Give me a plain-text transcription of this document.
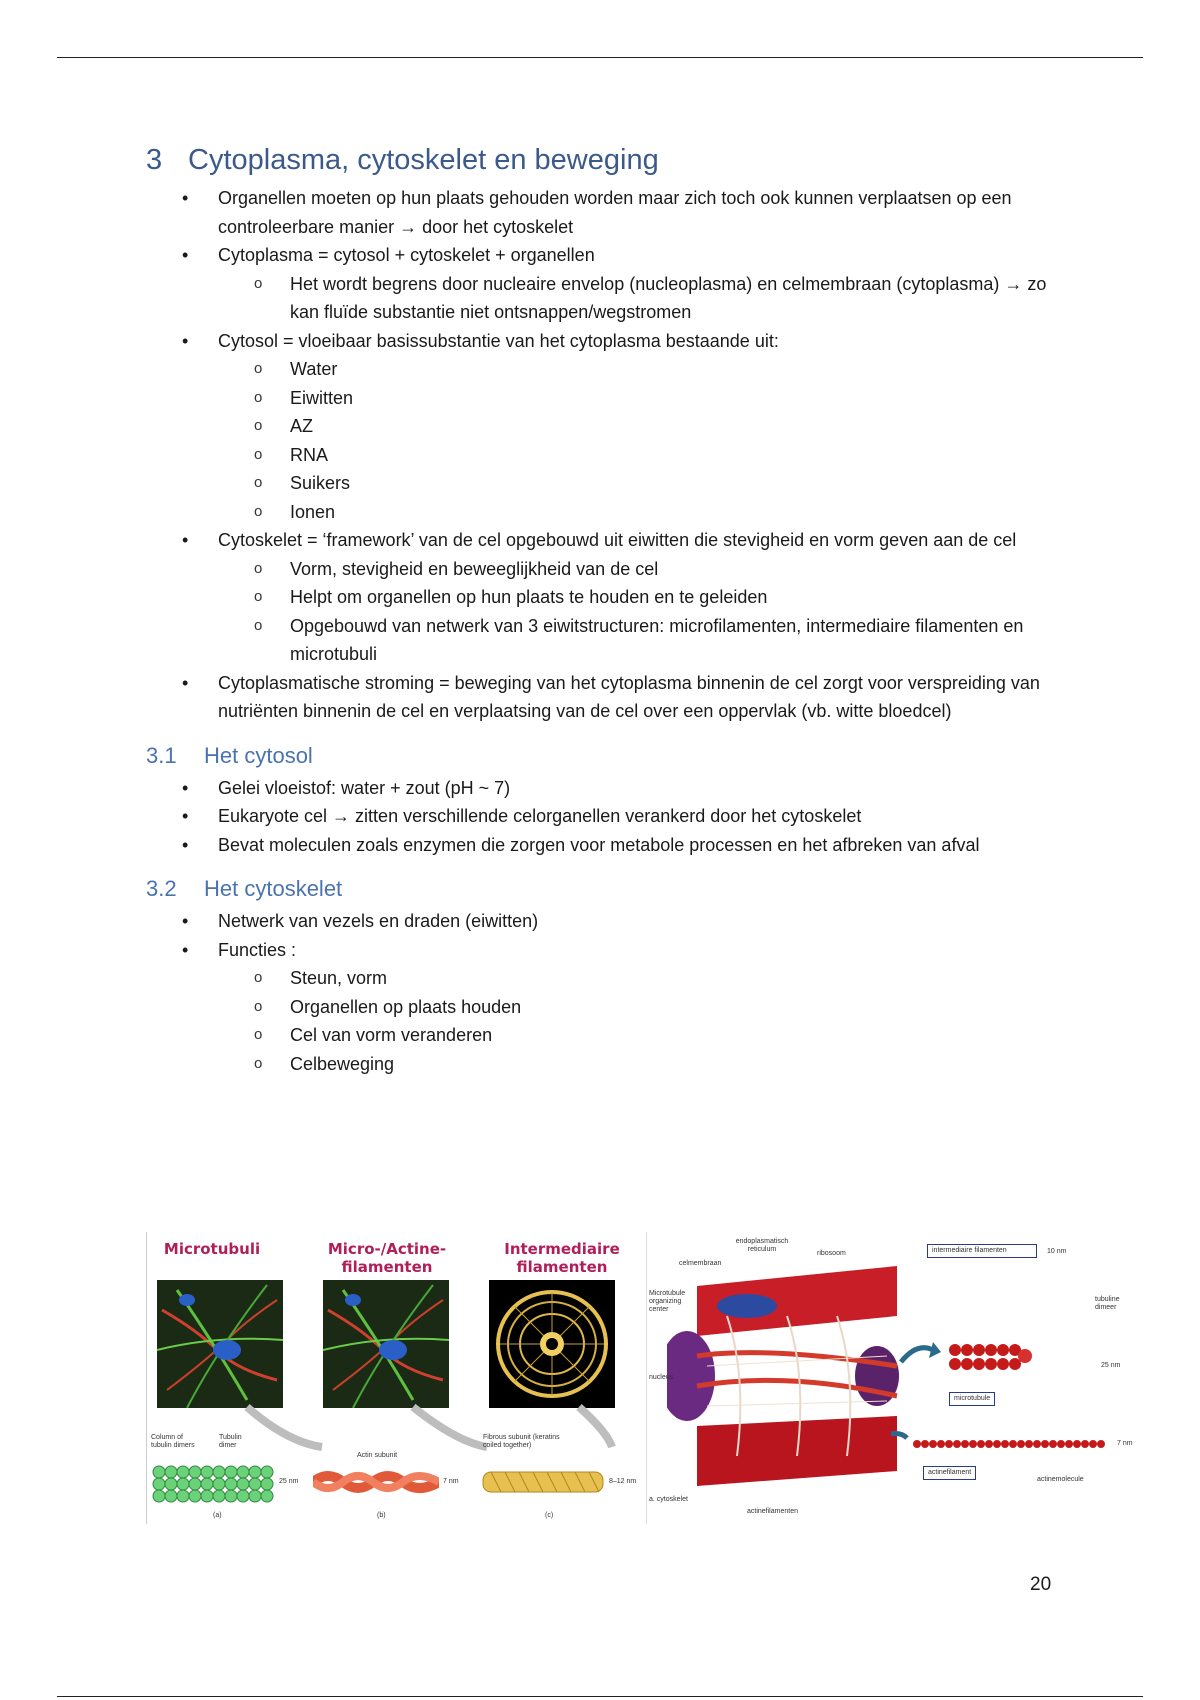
3 Cytoplasma, cytoskelet en beweging
• Organellen moeten op hun plaats gehouden worden maar zich toch ook kunnen verplaatsen op een controleerbare manier → door het cytoskelet
• Cytoplasma = cytosol + cytoskelet + organellen
o Het wordt begrens door nucleaire envelop (nucleoplasma) en celmembraan (cytoplasma) → zo kan fluïde substantie niet ontsnappen/wegstromen
• Cytosol = vloeibaar basissubstantie van het cytoplasma bestaande uit:
o Water
o Eiwitten
o AZ
o RNA
o Suikers
o Ionen
• Cytoskelet = ‘framework’ van de cel opgebouwd uit eiwitten die stevigheid en vorm geven aan de cel
o Vorm, stevigheid en beweeglijkheid van de cel
o Helpt om organellen op hun plaats te houden en te geleiden
o Opgebouwd van netwerk van 3 eiwitstructuren: microfilamenten, intermediaire filamenten en microtubuli
• Cytoplasmatische stroming = beweging van het cytoplasma binnenin de cel zorgt voor verspreiding van nutriënten binnenin de cel en verplaatsing van de cel over een oppervlak (vb. witte bloedcel)
3.1 Het cytosol
• Gelei vloeistof: water + zout (pH ~ 7)
• Eukaryote cel → zitten verschillende celorganellen verankerd door het cytoskelet
• Bevat moleculen zoals enzymen die zorgen voor metabole processen en het afbreken van afval
3.2 Het cytoskelet
• Netwerk van vezels en draden (eiwitten)
• Functies :
o Steun, vorm
o Organellen op plaats houden
o Cel van vorm veranderen
o Celbeweging
Microtubuli	Micro-/Actine-filamenten
Intermediaire filamenten
Column of tubulin dimers
Tubulin dimer
25 nm
(a)
Actin subunit
7 nm
(b)
Fibrous subunit (keratins coiled together)
8–12 nm
(c)
endoplasmatisch reticulum
ribosoom
celmembraan
Microtubule organizing center
nucleus
a. cytoskelet
actinefilamenten
intermediaire filamenten	10 nm
tubuline dimeer
25 nm
microtubule
7 nm
actinefilament
actinemolecule
20
